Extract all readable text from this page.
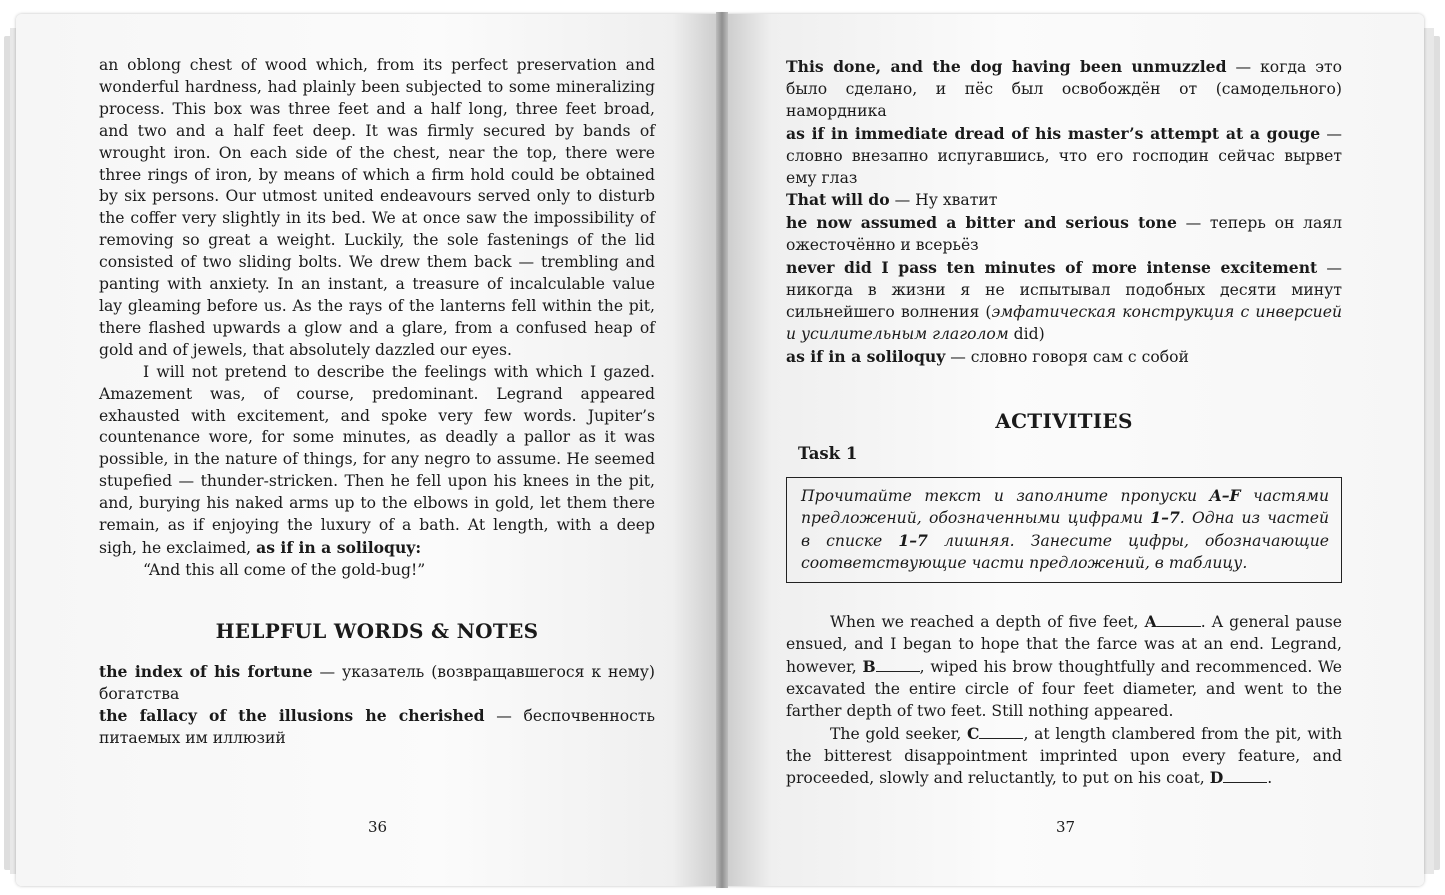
an oblong chest of wood which, from its perfect preservation and wonderful hardness, had plainly been subjected to some mineralizing process. This box was three feet and a half long, three feet broad, and two and a half feet deep. It was firmly secured by bands of wrought iron. On each side of the chest, near the top, there were three rings of iron, by means of which a firm hold could be obtained by six persons. Our utmost united endeavours served only to disturb the coffer very slightly in its bed. We at once saw the impossibility of removing so great a weight. Luckily, the sole fastenings of the lid consisted of two sliding bolts. We drew them back — trembling and panting with anxiety. In an instant, a treasure of incalculable value lay gleaming before us. As the rays of the lanterns fell within the pit, there flashed upwards a glow and a glare, from a confused heap of gold and of jewels, that absolutely dazzled our eyes.

I will not pretend to describe the feelings with which I gazed. Amazement was, of course, predominant. Legrand appeared exhausted with excitement, and spoke very few words. Jupiter’s countenance wore, for some minutes, as deadly a pallor as it was possible, in the nature of things, for any negro to assume. He seemed stupefied — thunder-stricken. Then he fell upon his knees in the pit, and, burying his naked arms up to the elbows in gold, let them there remain, as if enjoying the luxury of a bath. At length, with a deep sigh, he exclaimed, as if in a soliloquy:

“And this all come of the gold-bug!”

HELPFUL WORDS & NOTES

the index of his fortune — указатель (возвращавшегося к нему) богатства

the fallacy of the illusions he cherished — беспочвенность питаемых им иллюзий

36

This done, and the dog having been unmuzzled — когда это было сделано, и пёс был освобождён от (самодельного) намордника

as if in immediate dread of his master’s attempt at a gouge — словно внезапно испугавшись, что его господин сейчас вырвет ему глаз

That will do — Ну хватит

he now assumed a bitter and serious tone — теперь он лаял ожесточённо и всерьёз

never did I pass ten minutes of more intense excitement — никогда в жизни я не испытывал подобных десяти минут сильнейшего волнения (эмфатическая конструкция с инверсией и усилительным глаголом did)

as if in a soliloquy — словно говоря сам с собой

ACTIVITIES
Task 1
Прочитайте текст и заполните пропуски A–F частями предложений, обозначенными цифрами 1–7. Одна из частей в списке 1–7 лишняя. Занесите цифры, обозначающие соответствующие части предложений, в таблицу.

When we reached a depth of five feet, A	. A general pause ensued, and I began to hope that the farce was at an end. Legrand, however, B	, wiped his brow thoughtfully and recommenced. We excavated the entire circle of four feet diameter, and went to the farther depth of two feet. Still nothing appeared.

The gold seeker, C	, at length clambered from the pit, with the bitterest disappointment imprinted upon every feature, and proceeded, slowly and reluctantly, to put on his coat, D	.

37
